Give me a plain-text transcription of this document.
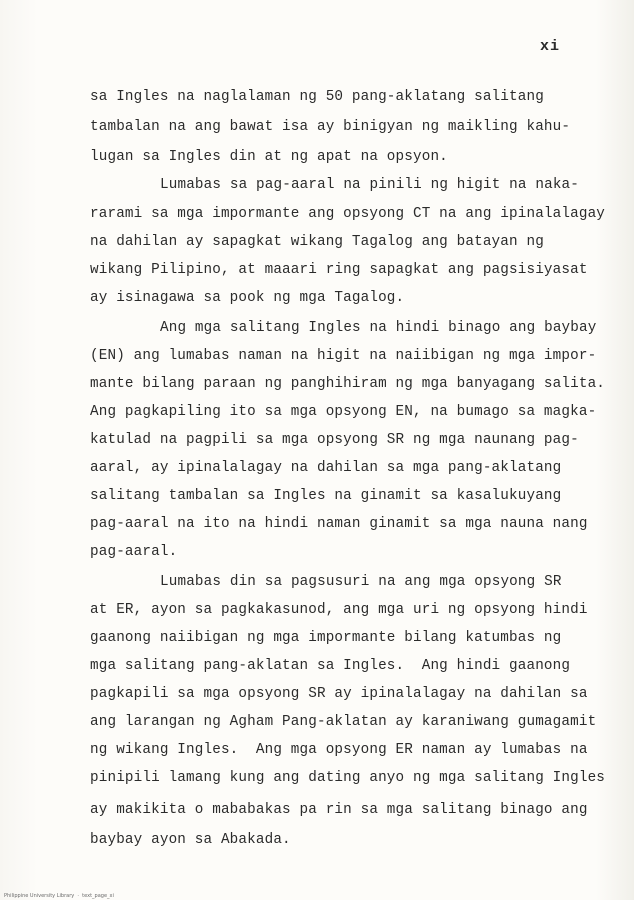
xi
sa Ingles na naglalaman ng 50 pang-aklatang salitang
tambalan na ang bawat isa ay binigyan ng maikling kahu-
lugan sa Ingles din at ng apat na opsyon.
Lumabas sa pag-aaral na pinili ng higit na naka-
rarami sa mga impormante ang opsyong CT na ang ipinalalagay
na dahilan ay sapagkat wikang Tagalog ang batayan ng
wikang Pilipino, at maaari ring sapagkat ang pagsisiyasat
ay isinagawa sa pook ng mga Tagalog.
Ang mga salitang Ingles na hindi binago ang baybay
(EN) ang lumabas naman na higit na naiibigan ng mga impor-
mante bilang paraan ng panghihiram ng mga banyagang salita.
Ang pagkapiling ito sa mga opsyong EN, na bumago sa magka-
katulad na pagpili sa mga opsyong SR ng mga naunang pag-
aaral, ay ipinalalagay na dahilan sa mga pang-aklatang
salitang tambalan sa Ingles na ginamit sa kasalukuyang
pag-aaral na ito na hindi naman ginamit sa mga nauna nang
pag-aaral.
Lumabas din sa pagsusuri na ang mga opsyong SR
at ER, ayon sa pagkakasunod, ang mga uri ng opsyong hindi
gaanong naiibigan ng mga impormante bilang katumbas ng
mga salitang pang-aklatan sa Ingles.  Ang hindi gaanong
pagkapili sa mga opsyong SR ay ipinalalagay na dahilan sa
ang larangan ng Agham Pang-aklatan ay karaniwang gumagamit
ng wikang Ingles.  Ang mga opsyong ER naman ay lumabas na
pinipili lamang kung ang dating anyo ng mga salitang Ingles
ay makikita o mababakas pa rin sa mga salitang binago ang
baybay ayon sa Abakada.
Philippine University Library  ·  text_page_xi
